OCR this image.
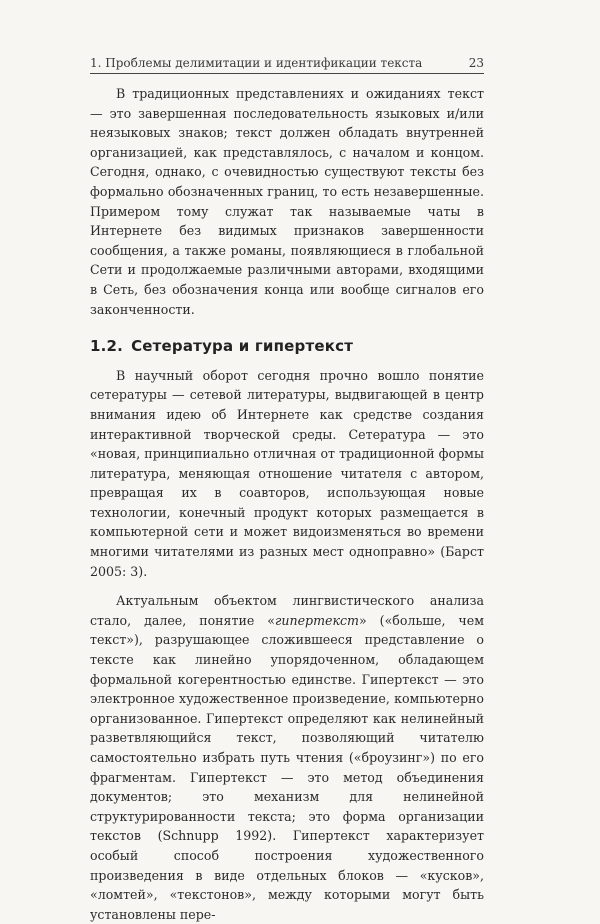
1. Проблемы делимитации и идентификации текста	23

В традиционных представлениях и ожиданиях текст — это завершенная последовательность языковых и/или неязыковых знаков; текст должен обладать внутренней организацией, как представлялось, с началом и концом. Сегодня, однако, с очевидностью существуют тексты без формально обозначенных границ, то есть незавершенные. Примером тому служат так называемые чаты в Интернете без видимых признаков завершенности сообщения, а также романы, появляющиеся в глобальной Сети и продолжаемые различными авторами, входящими в Сеть, без обозначения конца или вообще сигналов его законченности.

1.2. Сетература и гипертекст

В научный оборот сегодня прочно вошло понятие сетературы — сетевой литературы, выдвигающей в центр внимания идею об Интернете как средстве создания интерактивной творческой среды. Сетература — это «новая, принципиально отличная от традиционной формы литература, меняющая отношение читателя с автором, превращая их в соавторов, использующая новые технологии, конечный продукт которых размещается в компьютерной сети и может видоизменяться во времени многими читателями из разных мест одноправно» (Барст 2005: 3).

Актуальным объектом лингвистического анализа стало, далее, понятие «гипертекст» («больше, чем текст»), разрушающее сложившееся представление о тексте как линейно упорядоченном, обладающем формальной когерентностью единстве. Гипертекст — это электронное художественное произведение, компьютерно организованное. Гипертекст определяют как нелинейный разветвляющийся текст, позволяющий читателю самостоятельно избрать путь чтения («броузинг») по его фрагментам. Гипертекст — это метод объединения документов; это механизм для нелинейной структурированности текста; это форма организации текстов (Schnupp 1992). Гипертекст характеризует особый способ построения художественного произведения в виде отдельных блоков — «кусков», «ломтей», «текстонов», между которыми могут быть установлены пере-
